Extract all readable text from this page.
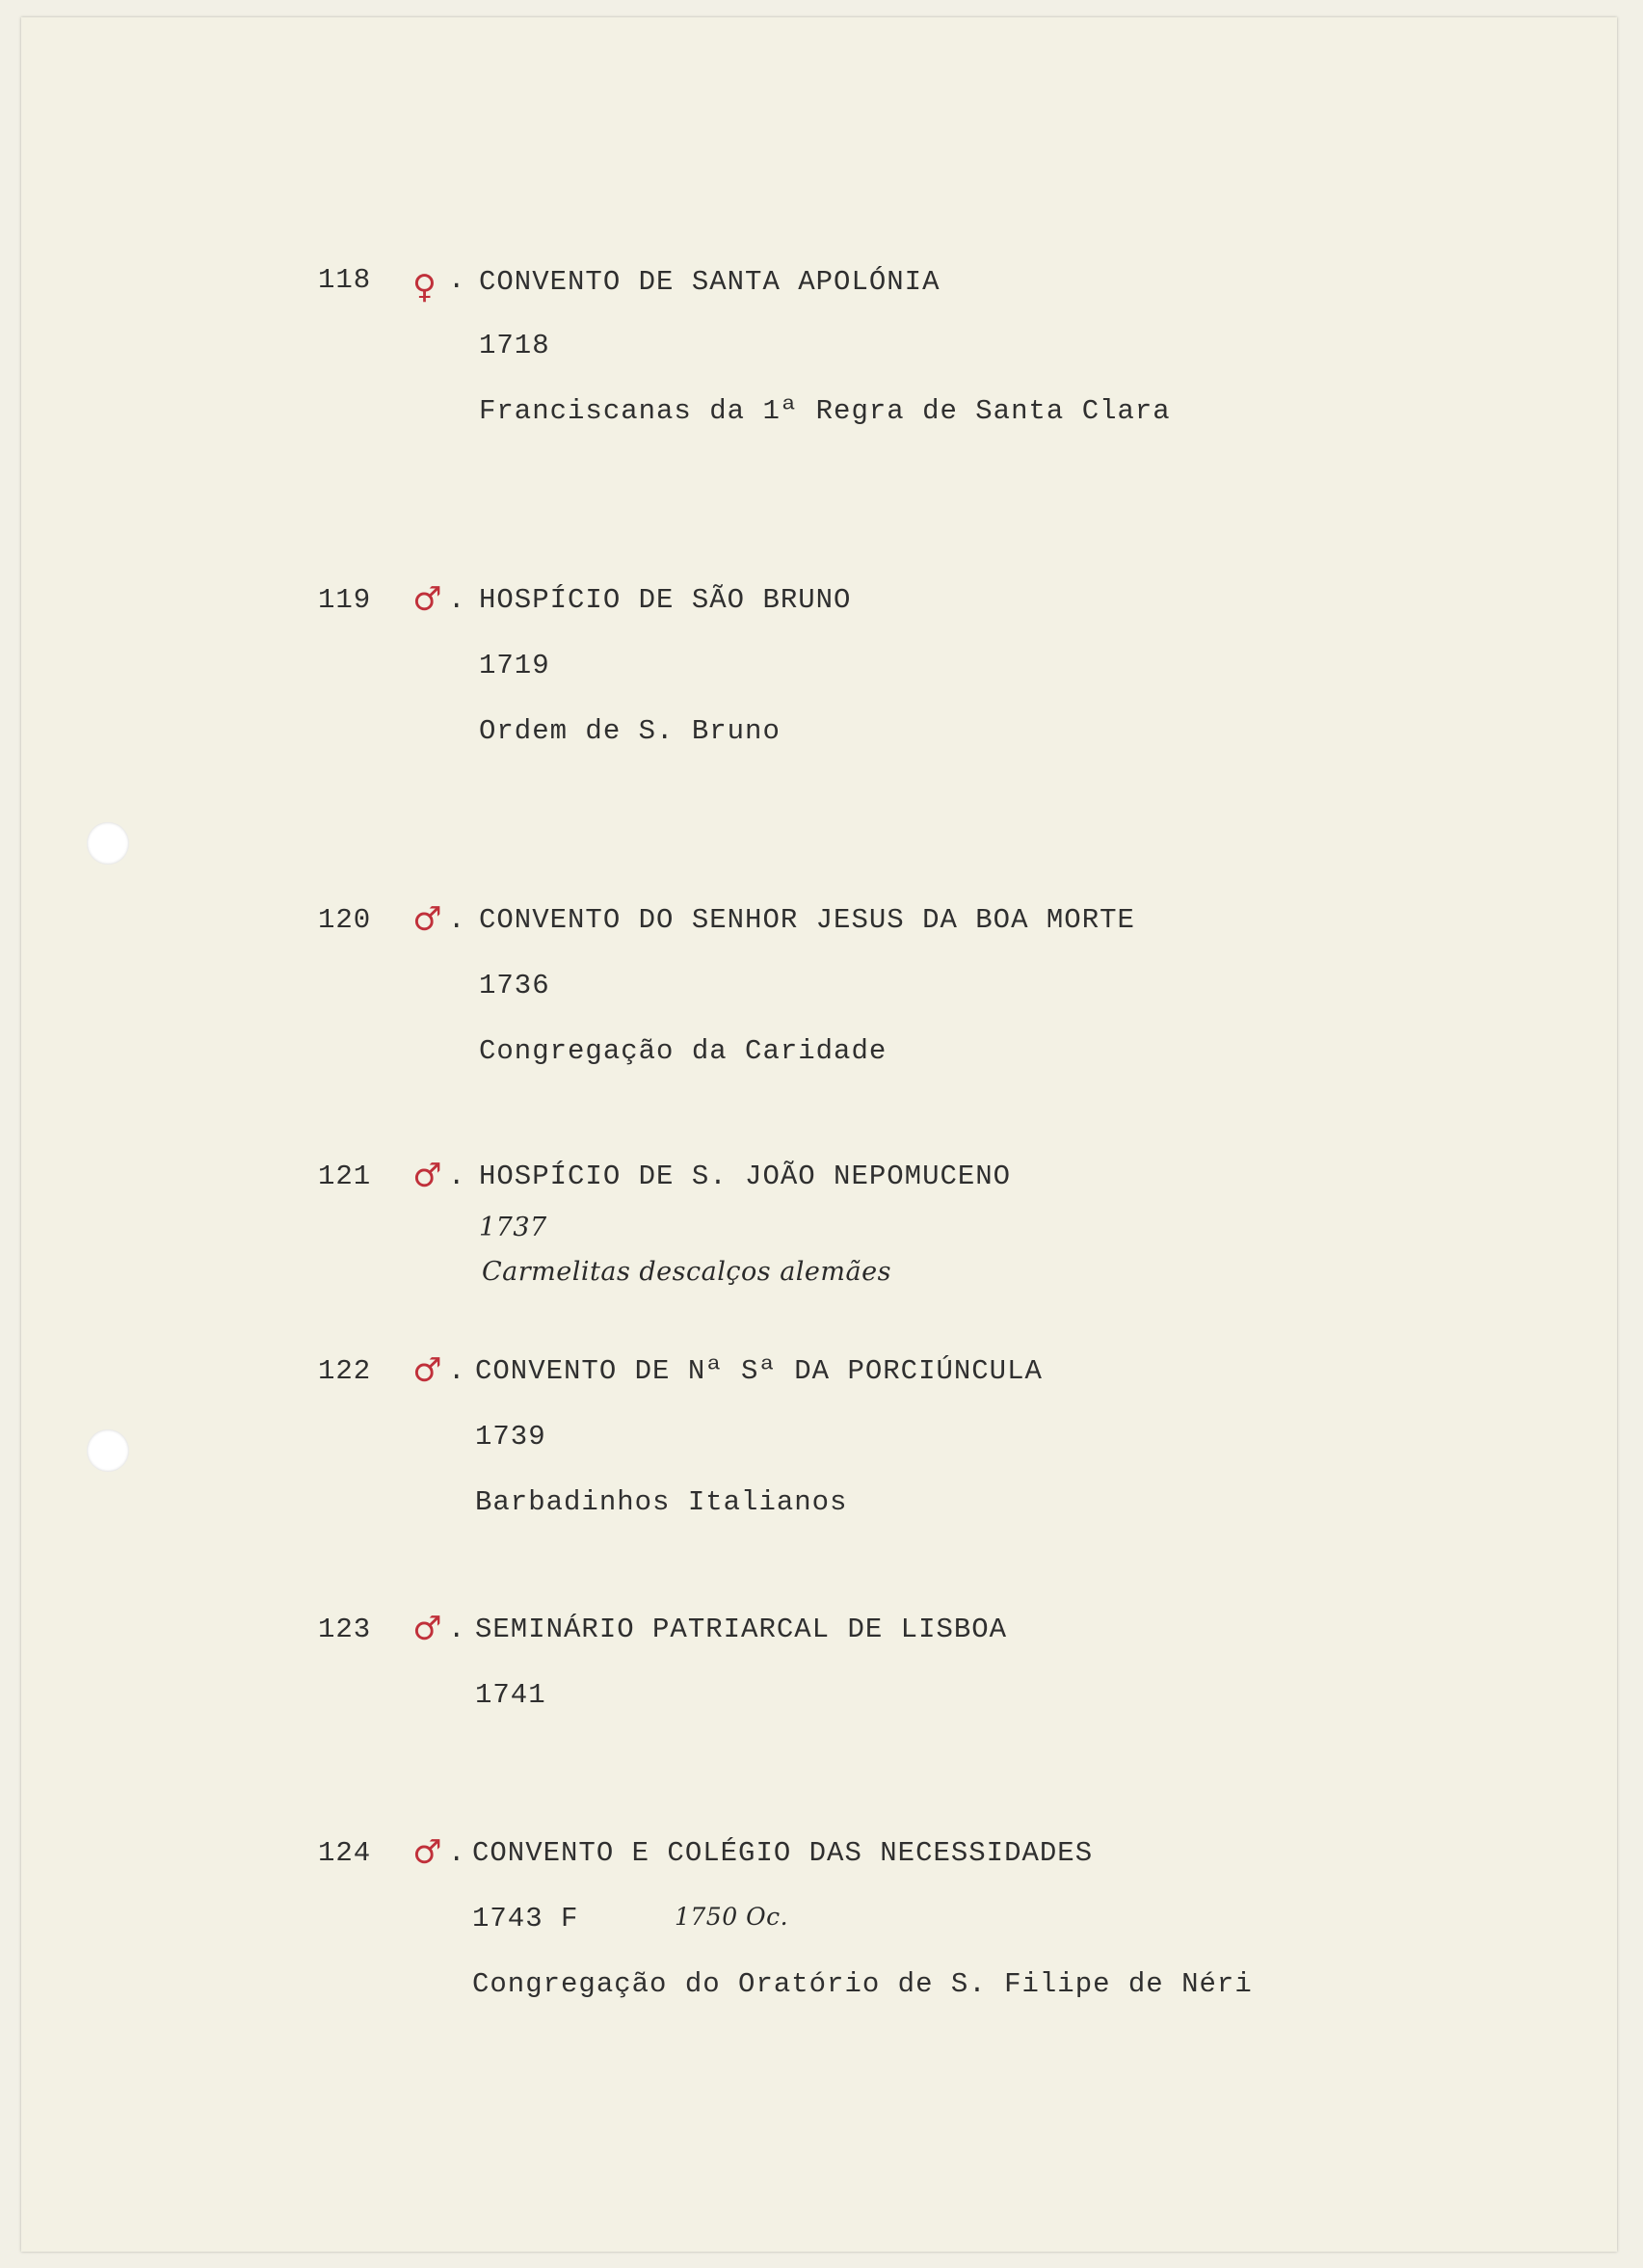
118 ♀ . CONVENTO DE SANTA APOLÓNIA
1718
Franciscanas da 1ª Regra de Santa Clara
119 ♂ . HOSPÍCIO DE SÃO BRUNO
1719
Ordem de S. Bruno
120 ♂ . CONVENTO DO SENHOR JESUS DA BOA MORTE
1736
Congregação da Caridade
121 ♂ . HOSPÍCIO DE S. JOÃO NEPOMUCENO
1737
Carmelitas descalços alemães
122 ♂ . CONVENTO DE Nª Sª DA PORCIÚNCULA
1739
Barbadinhos Italianos
123 ♂ . SEMINÁRIO PATRIARCAL DE LISBOA
1741
124 ♂ . CONVENTO E COLÉGIO DAS NECESSIDADES
1743 F	1750 Oc.
Congregação do Oratório de S. Filipe de Néri
